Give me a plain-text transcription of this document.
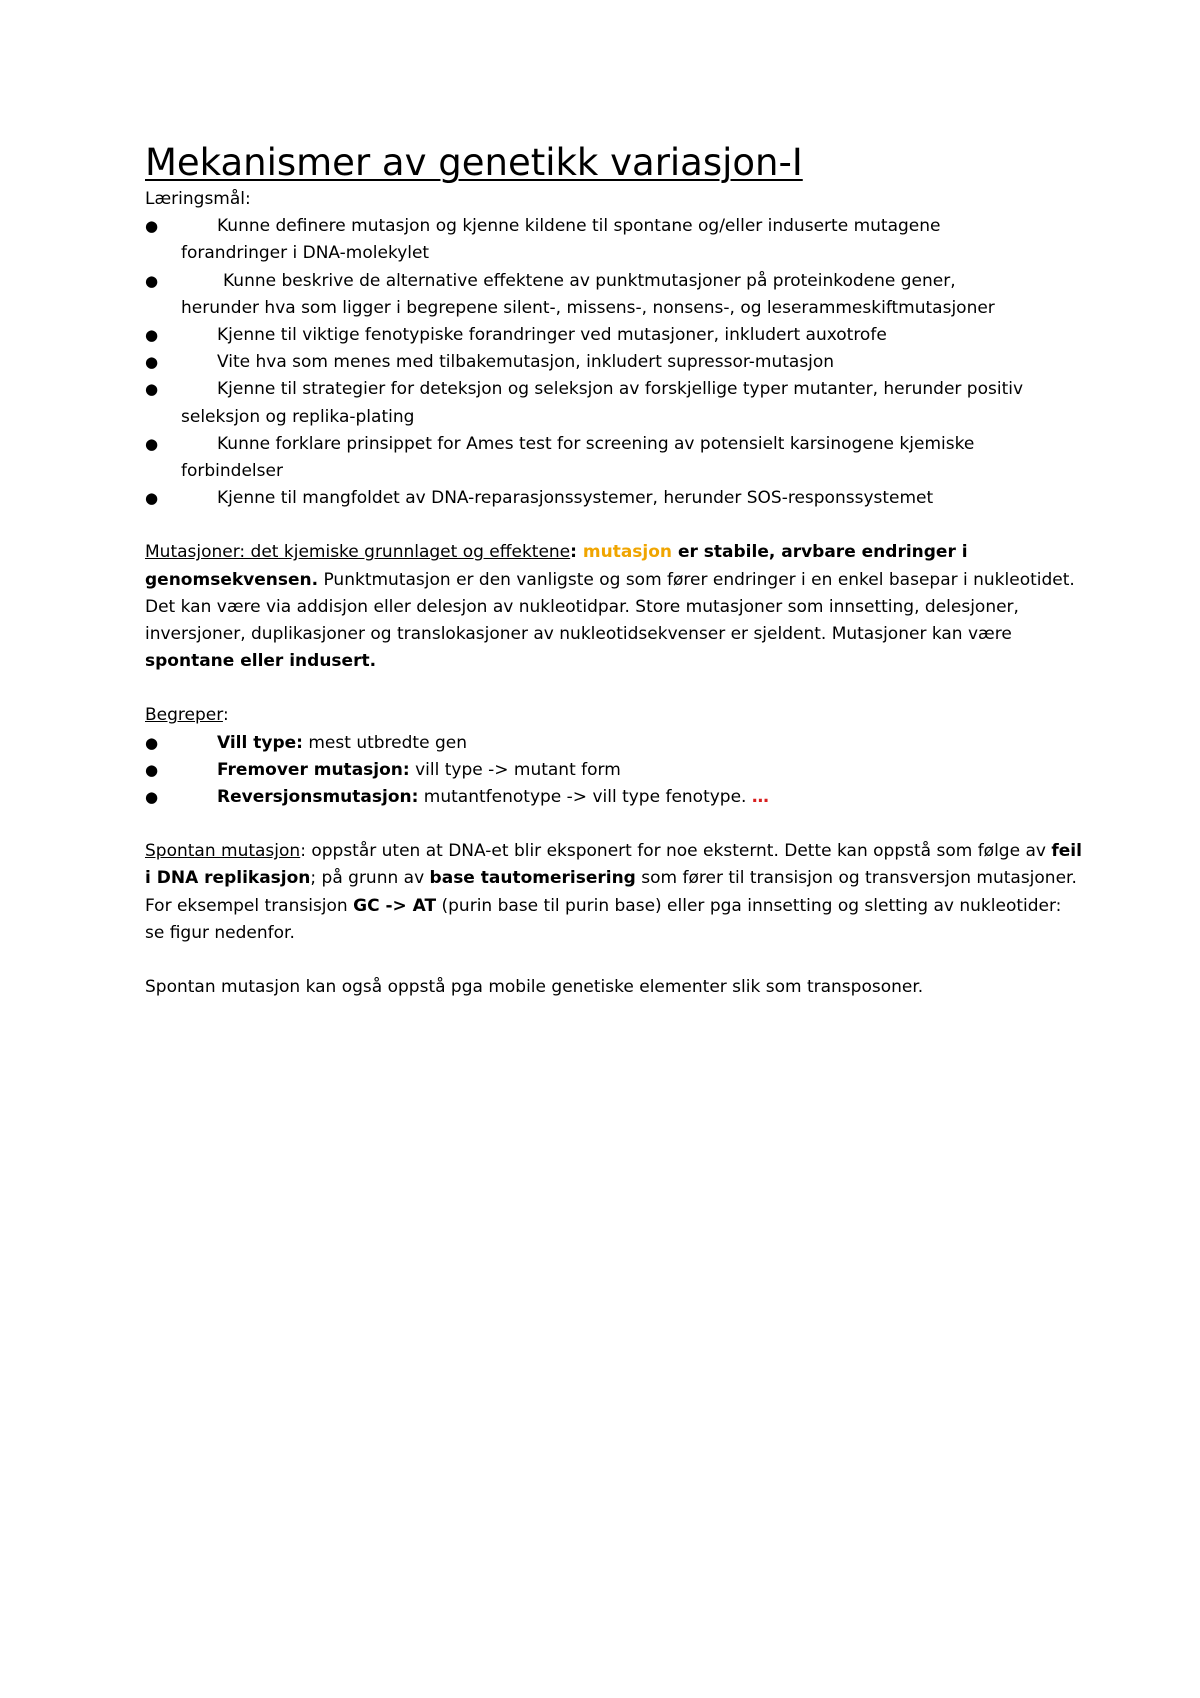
Mekanismer av genetikk variasjon-I

Læringsmål:

●	Kunne definere mutasjon og kjenne kildene til spontane og/eller induserte mutagene
forandringer i DNA-molekylet
●	Kunne beskrive de alternative effektene av punktmutasjoner på proteinkodene gener,
herunder hva som ligger i begrepene silent-, missens-, nonsens-, og leserammeskiftmutasjoner
●	Kjenne til viktige fenotypiske forandringer ved mutasjoner, inkludert auxotrofe
●	Vite hva som menes med tilbakemutasjon, inkludert supressor-mutasjon
●	Kjenne til strategier for deteksjon og seleksjon av forskjellige typer mutanter, herunder positiv
seleksjon og replika-plating
●	Kunne forklare prinsippet for Ames test for screening av potensielt karsinogene kjemiske
forbindelser
●	Kjenne til mangfoldet av DNA-reparasjonssystemer, herunder SOS-responssystemet

Mutasjoner: det kjemiske grunnlaget og effektene: mutasjon er stabile, arvbare endringer i genomsekvensen. Punktmutasjon er den vanligste og som fører endringer i en enkel basepar i nukleotidet. Det kan være via addisjon eller delesjon av nukleotidpar. Store mutasjoner som innsetting, delesjoner, inversjoner, duplikasjoner og translokasjoner av nukleotidsekvenser er sjeldent. Mutasjoner kan være spontane eller indusert.

Begreper:

●	Vill type: mest utbredte gen
●	Fremover mutasjon: vill type -> mutant form
●	Reversjonsmutasjon: mutantfenotype -> vill type fenotype. …

Spontan mutasjon: oppstår uten at DNA-et blir eksponert for noe eksternt. Dette kan oppstå som følge av feil i DNA replikasjon; på grunn av base tautomerisering som fører til transisjon og transversjon mutasjoner. For eksempel transisjon GC -> AT (purin base til purin base) eller pga innsetting og sletting av nukleotider: se figur nedenfor.

Spontan mutasjon kan også oppstå pga mobile genetiske elementer slik som transposoner.
